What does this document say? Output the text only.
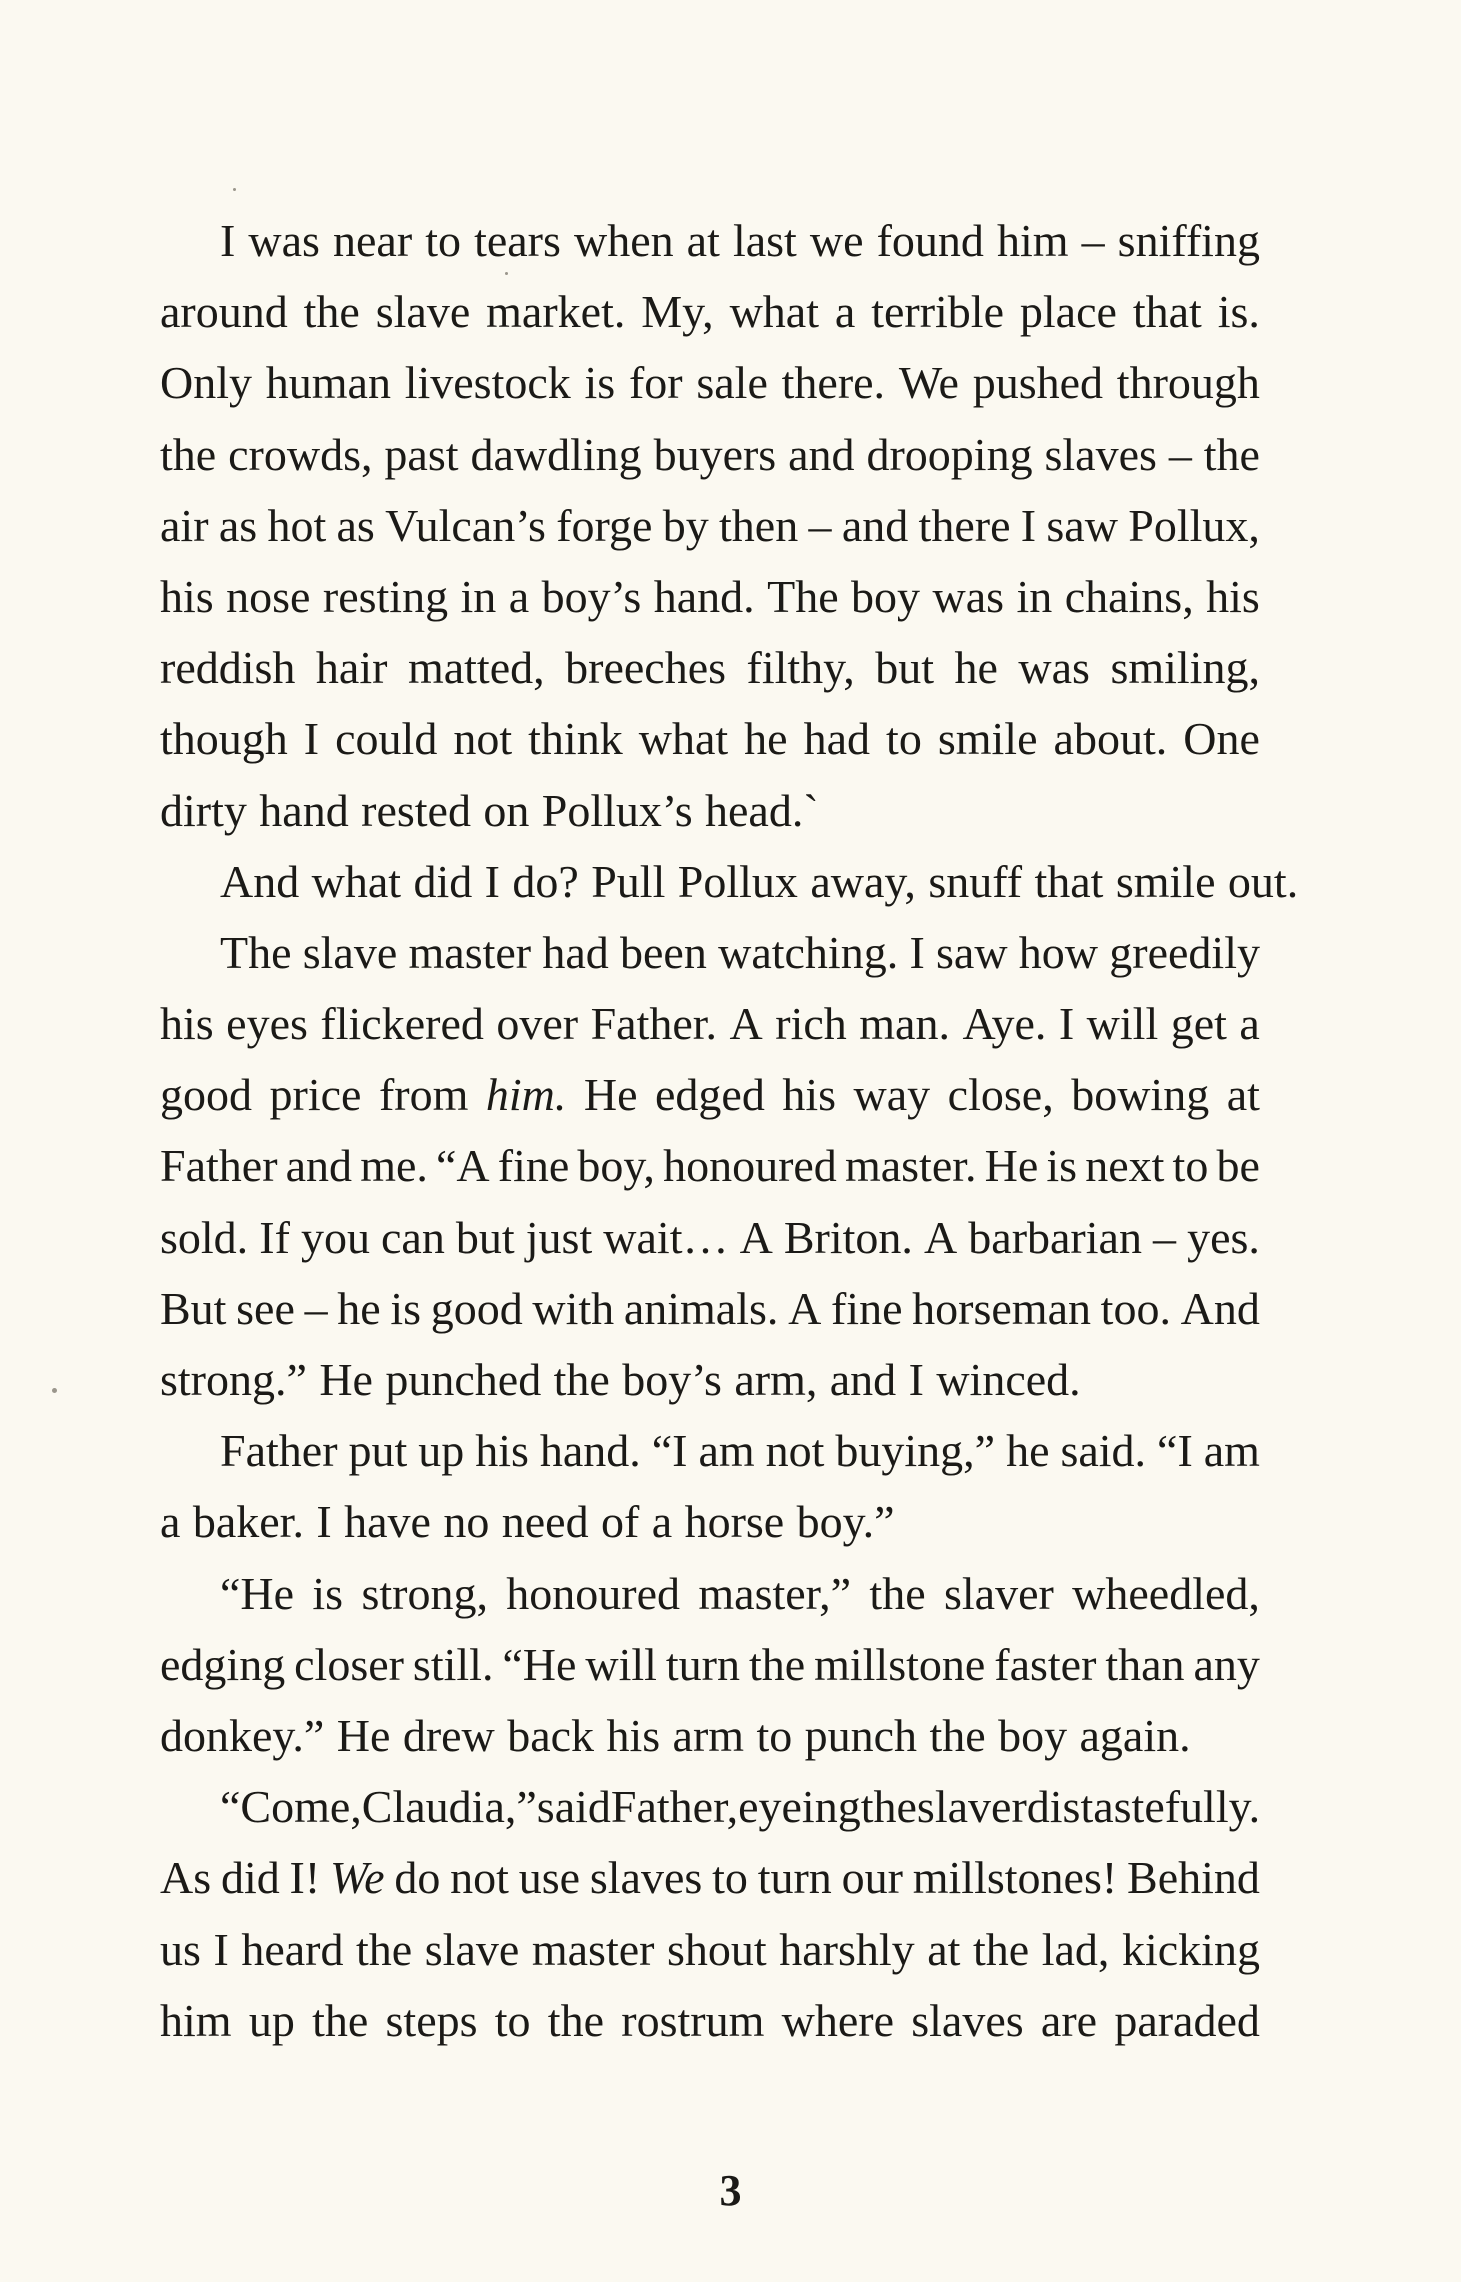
I was near to tears when at last we found him – sniffing
around the slave market. My, what a terrible place that is.
Only human livestock is for sale there. We pushed through
the crowds, past dawdling buyers and drooping slaves – the
air as hot as Vulcan’s forge by then – and there I saw Pollux,
his nose resting in a boy’s hand. The boy was in chains, his
reddish hair matted, breeches filthy, but he was smiling,
though I could not think what he had to smile about. One
dirty hand rested on Pollux’s head.`
And what did I do? Pull Pollux away, snuff that smile out.
The slave master had been watching. I saw how greedily
his eyes flickered over Father. A rich man. Aye. I will get a
good price from him. He edged his way close, bowing at
Father and me. “A fine boy, honoured master. He is next to be
sold. If you can but just wait… A Briton. A barbarian – yes.
But see – he is good with animals. A fine horseman too. And
strong.” He punched the boy’s arm, and I winced.
Father put up his hand. “I am not buying,” he said. “I am
a baker. I have no need of a horse boy.”
“He is strong, honoured master,” the slaver wheedled,
edging closer still. “He will turn the millstone faster than any
donkey.” He drew back his arm to punch the boy again.
“Come, Claudia,” said Father, eyeing the slaver distastefully.
As did I! We do not use slaves to turn our millstones! Behind
us I heard the slave master shout harshly at the lad, kicking
him up the steps to the rostrum where slaves are paraded
3
